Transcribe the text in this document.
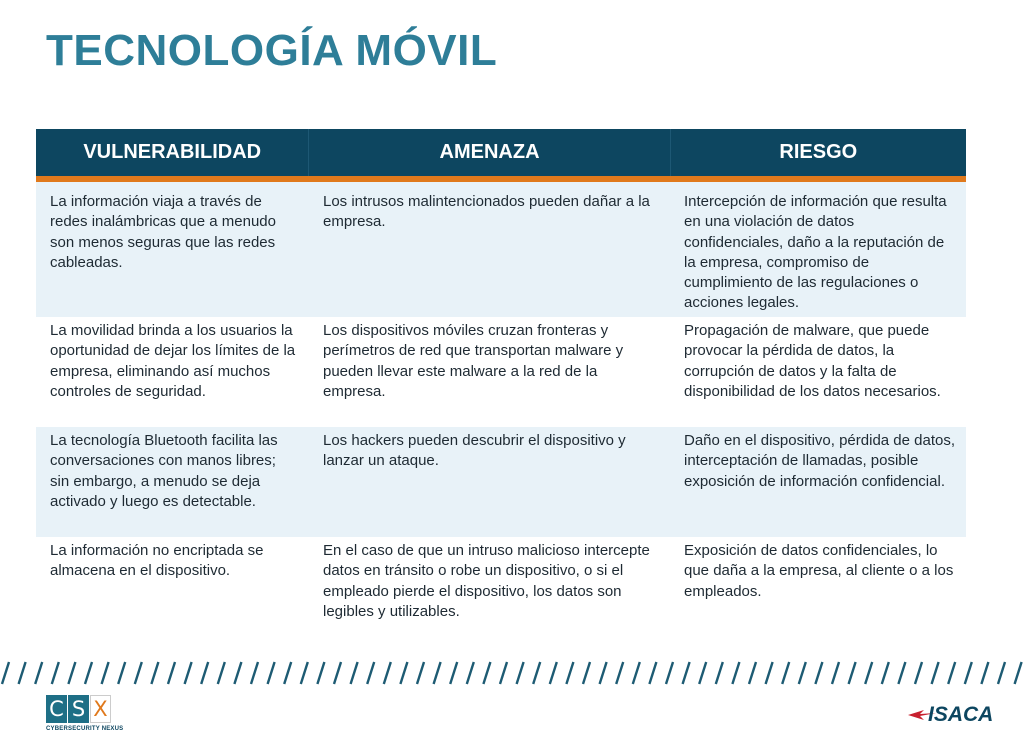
TECNOLOGÍA MÓVIL
VULNERABILIDAD	AMENAZA	RIESGO
La información viaja a través de redes inalámbricas que a menudo son menos seguras que las redes cableadas.
Los intrusos malintencionados pueden dañar a la empresa.
Intercepción de información que resulta en una violación de datos confidenciales, daño a la reputación de la empresa, compromiso de cumplimiento de las regulaciones o acciones legales.
La movilidad brinda a los usuarios la oportunidad de dejar los límites de la empresa, eliminando así muchos controles de seguridad.
Los dispositivos móviles cruzan fronteras y perímetros de red que transportan malware y pueden llevar este malware a la red de la empresa.
Propagación de malware, que puede provocar la pérdida de datos, la corrupción de datos y la falta de disponibilidad de los datos necesarios.
La tecnología Bluetooth facilita las conversaciones con manos libres; sin embargo, a menudo se deja activado y luego es detectable.
Los hackers pueden descubrir el dispositivo y lanzar un ataque.
Daño en el dispositivo, pérdida de datos, interceptación de llamadas, posible exposición de información confidencial.
La información no encriptada se almacena en el dispositivo.
En el caso de que un intruso malicioso intercepte datos en tránsito o robe un dispositivo, o si el empleado pierde el dispositivo, los datos son legibles y utilizables.
Exposición de datos confidenciales, lo que daña a la empresa, al cliente o a los empleados.
C S X
CYBERSECURITY NEXUS
ISACA
